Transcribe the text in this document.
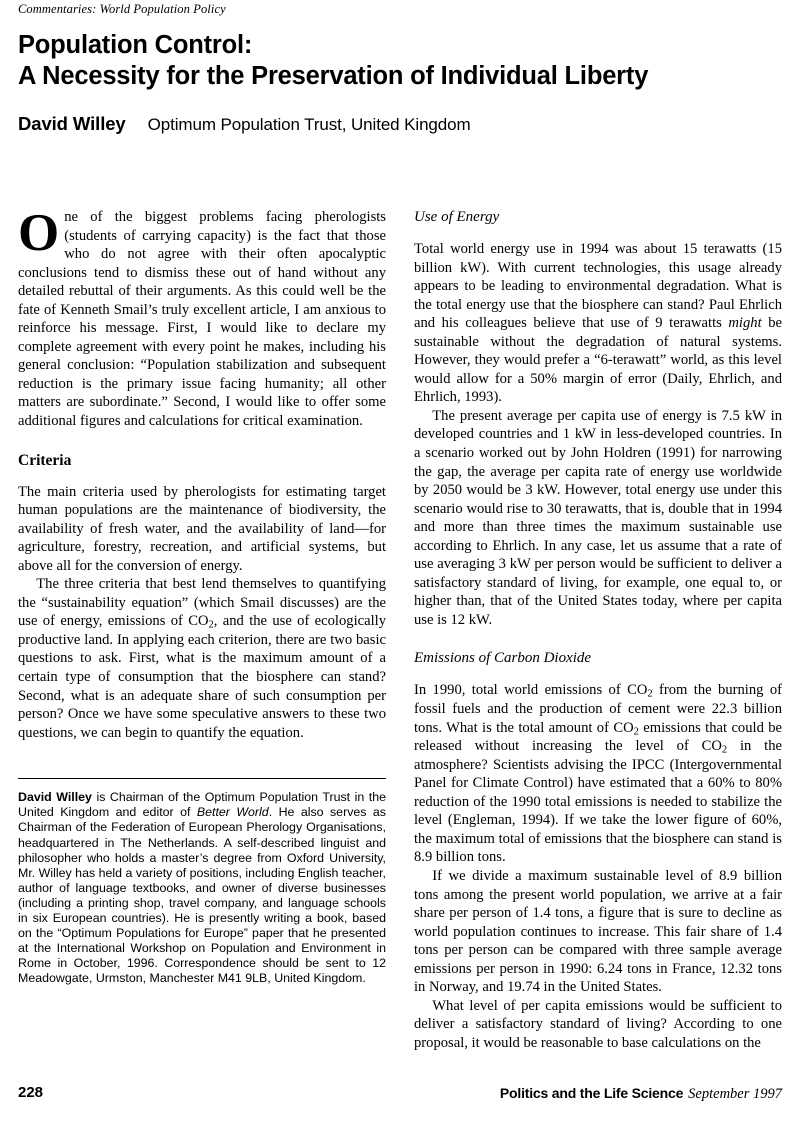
Commentaries: World Population Policy
Population Control:
A Necessity for the Preservation of Individual Liberty
David Willey Optimum Population Trust, United Kingdom

One of the biggest problems facing pherologists (students of carrying capacity) is the fact that those who do not agree with their often apocalyptic conclusions tend to dismiss these out of hand without any detailed rebuttal of their arguments. As this could well be the fate of Kenneth Smail’s truly excellent article, I am anxious to reinforce his message. First, I would like to declare my complete agreement with every point he makes, including his general conclusion: “Population stabilization and subsequent reduction is the primary issue facing humanity; all other matters are subordinate.” Second, I would like to offer some additional figures and calculations for critical examination.

Criteria

The main criteria used by pherologists for estimating target human populations are the maintenance of biodiversity, the availability of fresh water, and the availability of land—for agriculture, forestry, recreation, and artificial systems, but above all for the conversion of energy.

The three criteria that best lend themselves to quantifying the “sustainability equation” (which Smail discusses) are the use of energy, emissions of $CO_2$, and the use of ecologically productive land. In applying each criterion, there are two basic questions to ask. First, what is the maximum amount of a certain type of consumption that the biosphere can stand? Second, what is an adequate share of such consumption per person? Once we have some speculative answers to these two questions, we can begin to quantify the equation.

David Willey is Chairman of the Optimum Population Trust in the United Kingdom and editor of Better World. He also serves as Chairman of the Federation of European Pherology Organisations, headquartered in The Netherlands. A self-described linguist and philosopher who holds a master’s degree from Oxford University, Mr. Willey has held a variety of positions, including English teacher, author of language textbooks, and owner of diverse businesses (including a printing shop, travel company, and language schools in six European countries). He is presently writing a book, based on the “Optimum Populations for Europe” paper that he presented at the International Workshop on Population and Environment in Rome in October, 1996. Correspondence should be sent to 12 Meadowgate, Urmston, Manchester M41 9LB, United Kingdom.

Use of Energy

Total world energy use in 1994 was about 15 terawatts (15 billion kW). With current technologies, this usage already appears to be leading to environmental degradation. What is the total energy use that the biosphere can stand? Paul Ehrlich and his colleagues believe that use of 9 terawatts might be sustainable without the degradation of natural systems. However, they would prefer a “6-terawatt” world, as this level would allow for a 50% margin of error (Daily, Ehrlich, and Ehrlich, 1993).

The present average per capita use of energy is 7.5 kW in developed countries and 1 kW in less-developed countries. In a scenario worked out by John Holdren (1991) for narrowing the gap, the average per capita rate of energy use worldwide by 2050 would be 3 kW. However, total energy use under this scenario would rise to 30 terawatts, that is, double that in 1994 and more than three times the maximum sustainable use according to Ehrlich. In any case, let us assume that a rate of use averaging 3 kW per person would be sufficient to deliver a satisfactory standard of living, for example, one equal to, or higher than, that of the United States today, where per capita use is 12 kW.

Emissions of Carbon Dioxide

In 1990, total world emissions of $CO_2$ from the burning of fossil fuels and the production of cement were 22.3 billion tons. What is the total amount of $CO_2$ emissions that could be released without increasing the level of $CO_2$ in the atmosphere? Scientists advising the IPCC (Intergovernmental Panel for Climate Control) have estimated that a 60% to 80% reduction of the 1990 total emissions is needed to stabilize the level (Engleman, 1994). If we take the lower figure of 60%, the maximum total of emissions that the biosphere can stand is 8.9 billion tons.

If we divide a maximum sustainable level of 8.9 billion tons among the present world population, we arrive at a fair share per person of 1.4 tons, a figure that is sure to decline as world population continues to increase. This fair share of 1.4 tons per person can be compared with three sample average emissions per person in 1990: 6.24 tons in France, 12.32 tons in Norway, and 19.74 in the United States.

What level of per capita emissions would be sufficient to deliver a satisfactory standard of living? According to one proposal, it would be reasonable to base calculations on the

228	Politics and the Life Science September 1997
